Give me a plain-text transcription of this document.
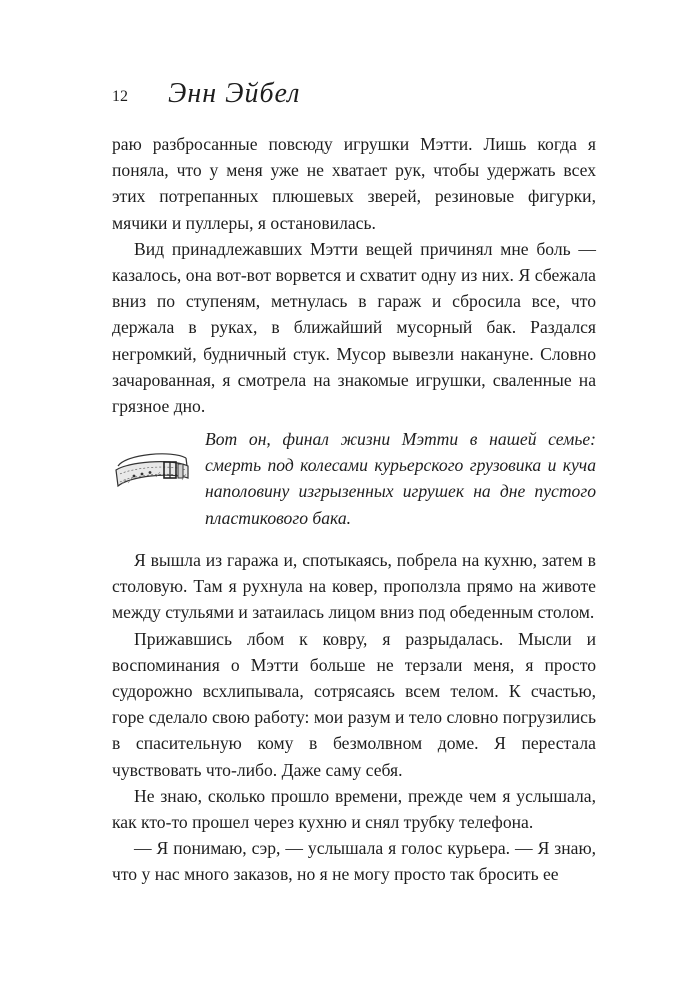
12 Энн Эйбел

раю разбросанные повсюду игрушки Мэтти. Лишь когда я поняла, что у меня уже не хватает рук, чтобы удержать всех этих потрепанных плюшевых зверей, резиновые фигурки, мячики и пуллеры, я остановилась.

Вид принадлежавших Мэтти вещей причинял мне боль — казалось, она вот-вот ворвется и схватит одну из них. Я сбежала вниз по ступеням, метнулась в гараж и сбросила все, что держала в руках, в ближайший мусорный бак. Раздался негромкий, будничный стук. Мусор вывезли накануне. Словно зачарованная, я смотрела на знакомые игрушки, сваленные на грязное дно.

Вот он, финал жизни Мэтти в нашей семье: смерть под колесами курьерского грузовика и куча наполовину изгрызенных игрушек на дне пустого пластикового бака.

Я вышла из гаража и, спотыкаясь, побрела на кухню, затем в столовую. Там я рухнула на ковер, проползла прямо на животе между стульями и затаилась лицом вниз под обеденным столом.

Прижавшись лбом к ковру, я разрыдалась. Мысли и воспоминания о Мэтти больше не терзали меня, я просто судорожно всхлипывала, сотрясаясь всем телом. К счастью, горе сделало свою работу: мои разум и тело словно погрузились в спасительную кому в безмолвном доме. Я перестала чувствовать что-либо. Даже саму себя.

Не знаю, сколько прошло времени, прежде чем я услышала, как кто-то прошел через кухню и снял трубку телефона.

— Я понимаю, сэр, — услышала я голос курьера. — Я знаю, что у нас много заказов, но я не могу просто так бросить ее
